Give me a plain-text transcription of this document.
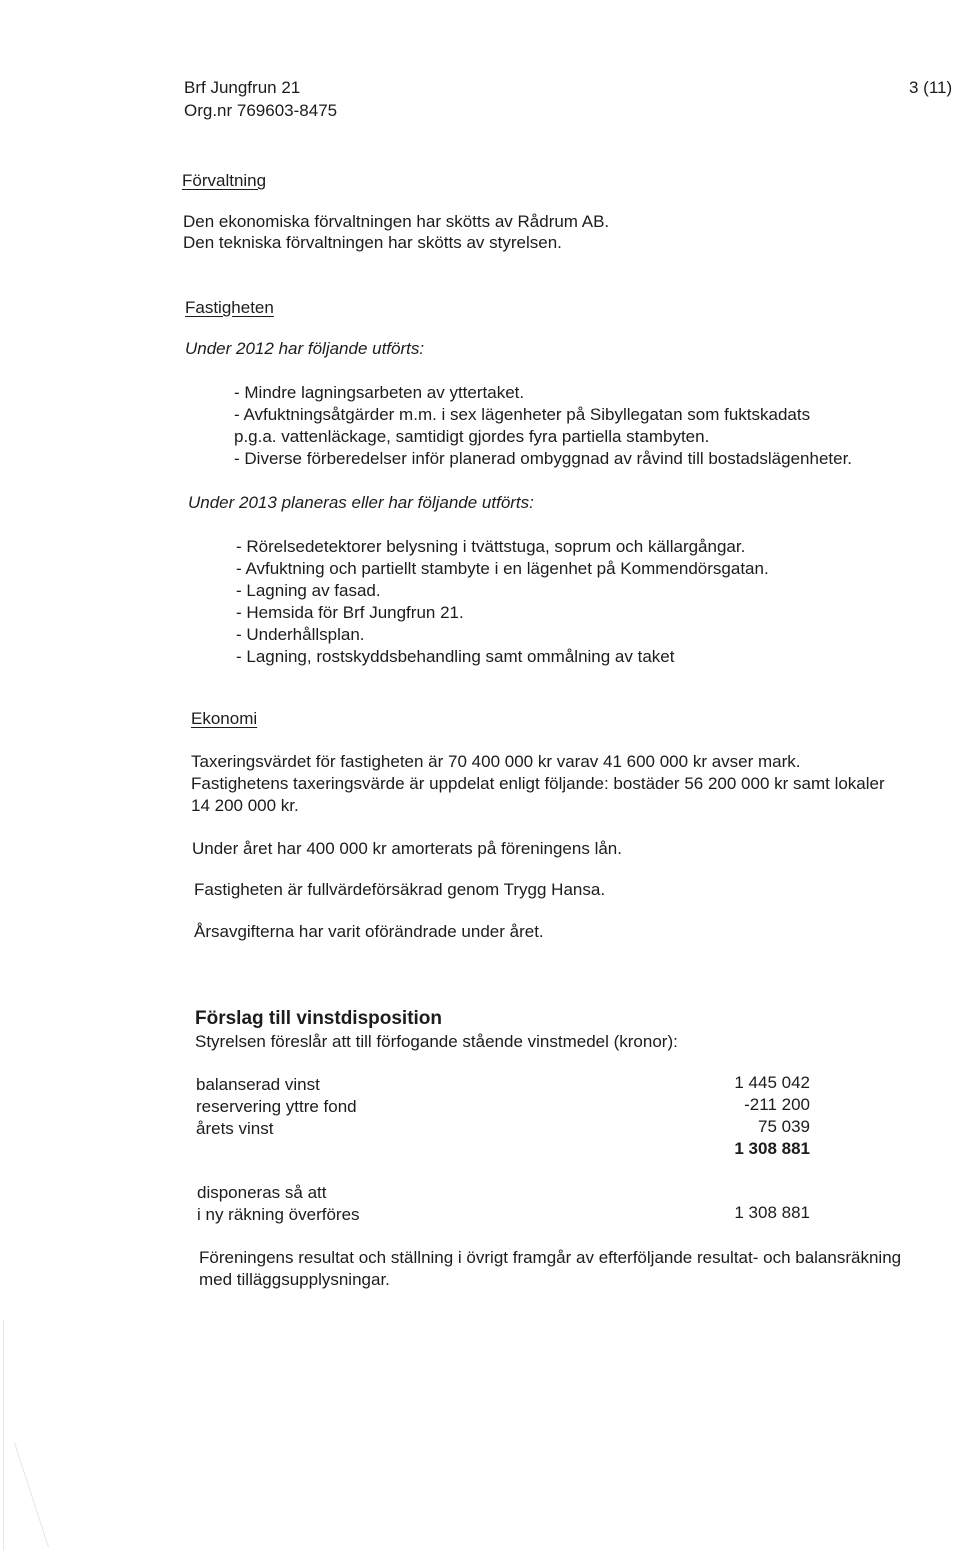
Brf Jungfrun 21
Org.nr 769603-8475
3 (11)
Förvaltning
Den ekonomiska förvaltningen har skötts av Rådrum AB.
Den tekniska förvaltningen har skötts av styrelsen.
Fastigheten
Under 2012 har följande utförts:
- Mindre lagningsarbeten av yttertaket.
- Avfuktningsåtgärder m.m. i sex lägenheter på Sibyllegatan som fuktskadats
p.g.a. vattenläckage, samtidigt gjordes fyra partiella stambyten.
- Diverse förberedelser inför planerad ombyggnad av råvind till bostadslägenheter.
Under 2013 planeras eller har följande utförts:
- Rörelsedetektorer belysning i tvättstuga, soprum och källargångar.
- Avfuktning och partiellt stambyte i en lägenhet på Kommendörsgatan.
- Lagning av fasad.
- Hemsida för Brf Jungfrun 21.
- Underhållsplan.
- Lagning, rostskyddsbehandling samt ommålning av taket
Ekonomi
Taxeringsvärdet för fastigheten är 70 400 000 kr varav 41 600 000 kr avser mark.
Fastighetens taxeringsvärde är uppdelat enligt följande: bostäder 56 200 000 kr samt lokaler
14 200 000 kr.
Under året har 400 000 kr amorterats på föreningens lån.
Fastigheten är fullvärdeförsäkrad genom Trygg Hansa.
Årsavgifterna har varit oförändrade under året.
Förslag till vinstdisposition
Styrelsen föreslår att till förfogande stående vinstmedel (kronor):
balanserad vinst	1 445 042
reservering yttre fond	-211 200
årets vinst	75 039
1 308 881
disponeras så att
i ny räkning överföres	1 308 881
Föreningens resultat och ställning i övrigt framgår av efterföljande resultat- och balansräkning
med tilläggsupplysningar.
